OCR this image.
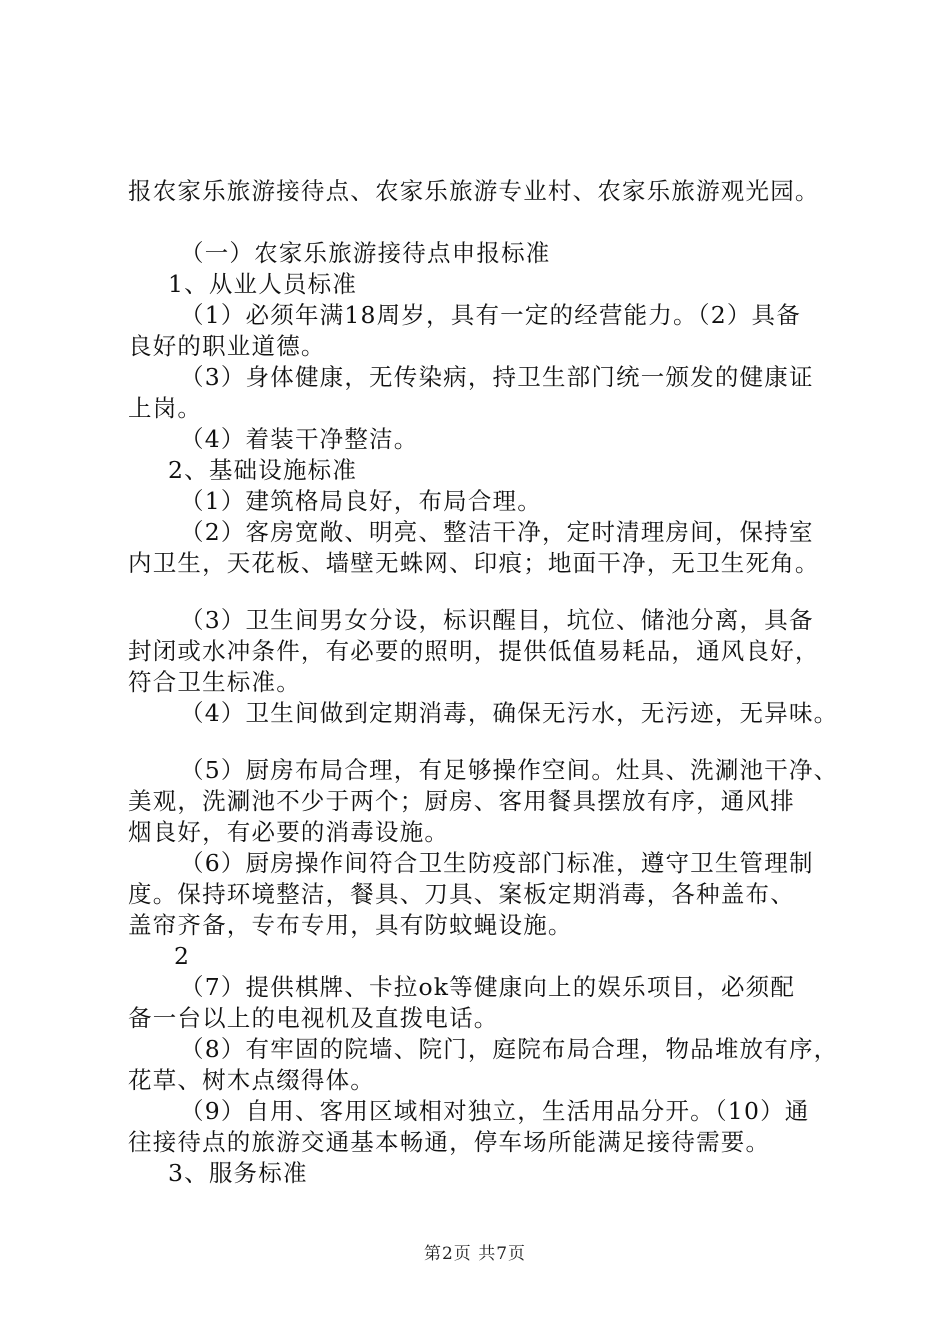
报农家乐旅游接待点、农家乐旅游专业村、农家乐旅游观光园。
（一）农家乐旅游接待点申报标准
1、从业人员标准
（1）必须年满18周岁，具有一定的经营能力。（2）具备
良好的职业道德。
（3）身体健康，无传染病，持卫生部门统一颁发的健康证
上岗。
（4）着装干净整洁。
2、基础设施标准
（1）建筑格局良好，布局合理。
（2）客房宽敞、明亮、整洁干净，定时清理房间，保持室
内卫生，天花板、墙壁无蛛网、印痕；地面干净，无卫生死角。
（3）卫生间男女分设，标识醒目，坑位、储池分离，具备
封闭或水冲条件，有必要的照明，提供低值易耗品，通风良好，
符合卫生标准。
（4）卫生间做到定期消毒，确保无污水，无污迹，无异味。
（5）厨房布局合理，有足够操作空间。灶具、洗涮池干净、
美观，洗涮池不少于两个；厨房、客用餐具摆放有序，通风排
烟良好，有必要的消毒设施。
（6）厨房操作间符合卫生防疫部门标准，遵守卫生管理制
度。保持环境整洁，餐具、刀具、案板定期消毒，各种盖布、
盖帘齐备，专布专用，具有防蚊蝇设施。
2
（7）提供棋牌、卡拉ok等健康向上的娱乐项目，必须配
备一台以上的电视机及直拨电话。
（8）有牢固的院墙、院门，庭院布局合理，物品堆放有序，
花草、树木点缀得体。
（9）自用、客用区域相对独立，生活用品分开。（10）通
往接待点的旅游交通基本畅通，停车场所能满足接待需要。
3、服务标准
第2页 共7页
